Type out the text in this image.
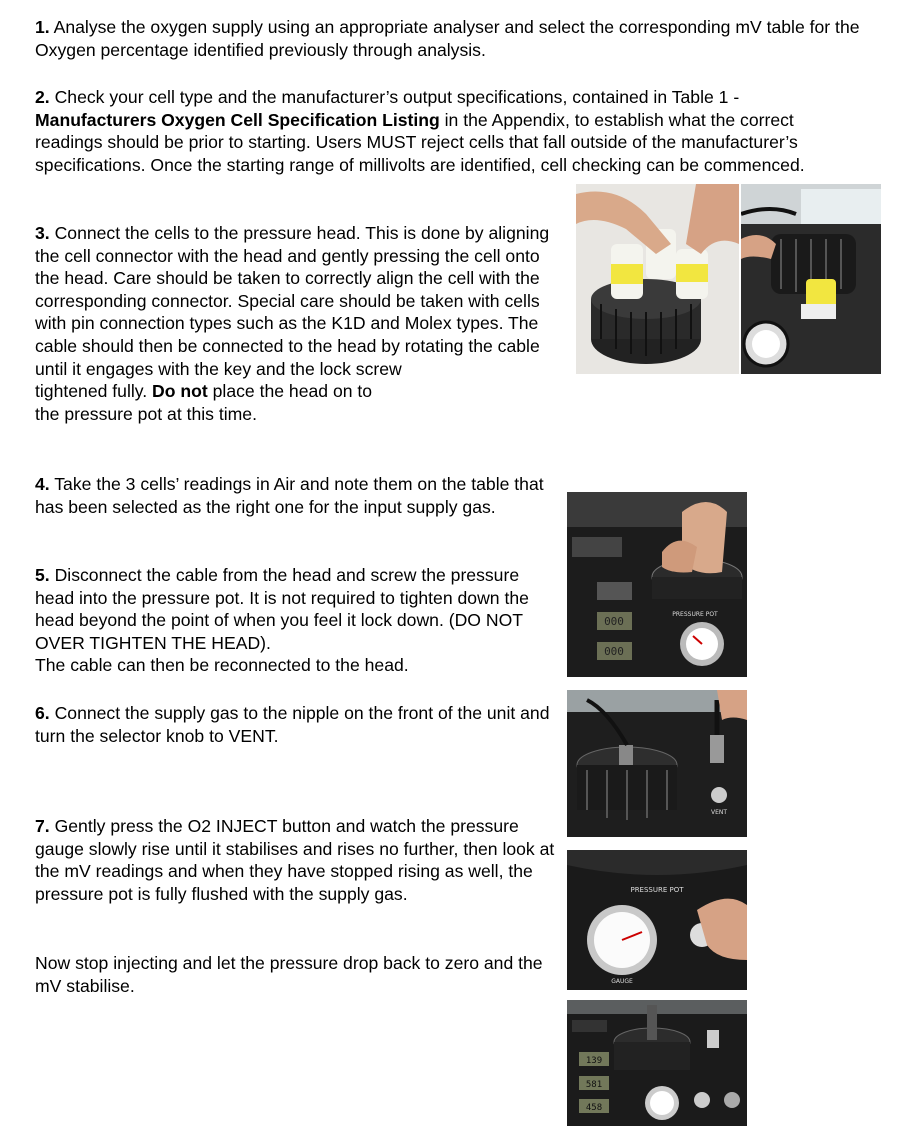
1. Analyse the oxygen supply using an appropriate analyser and select the corresponding mV table for the Oxygen percentage identified previously through analysis.

2. Check your cell type and the manufacturer’s output specifications, contained in Table 1 - Manufacturers Oxygen Cell Specification Listing in the Appendix, to establish what the correct readings should be prior to starting. Users MUST reject cells that fall outside of the manufacturer’s specifications. Once the starting range of millivolts are identified, cell checking can be commenced.

3. Connect the cells to the pressure head. This is done by aligning the cell connector with the head and gently pressing the cell onto the head. Care should be taken to correctly align the cell with the corresponding connector. Special care should be taken with cells with pin connection types such as the K1D and Molex types. The cable should then be connected to the head by rotating the cable until it engages with the key and the lock screw
tightened fully. Do not place the head on to
the pressure pot at this time.

4. Take the 3 cells’ readings in Air and note them on the table that has been selected as the right one for the input supply gas.

5. Disconnect the cable from the head and screw the pressure head into the pressure pot. It is not required to tighten down the head beyond the point of when you feel it lock down. (DO NOT OVER TIGHTEN THE HEAD).
The cable can then be reconnected to the head.

6. Connect the supply gas to the nipple on the front of the unit and turn the selector knob to VENT.

7. Gently press the O2 INJECT button and watch the pressure gauge slowly rise until it stabilises and rises no further, then look at the mV readings and when they have stopped rising as well, the pressure pot is fully flushed with the supply gas.

Now stop injecting and let the pressure drop back to zero and the mV stabilise.

PRESSURE POT
000
000
VENT
PRESSURE POT
GAUGE
139
581
458
